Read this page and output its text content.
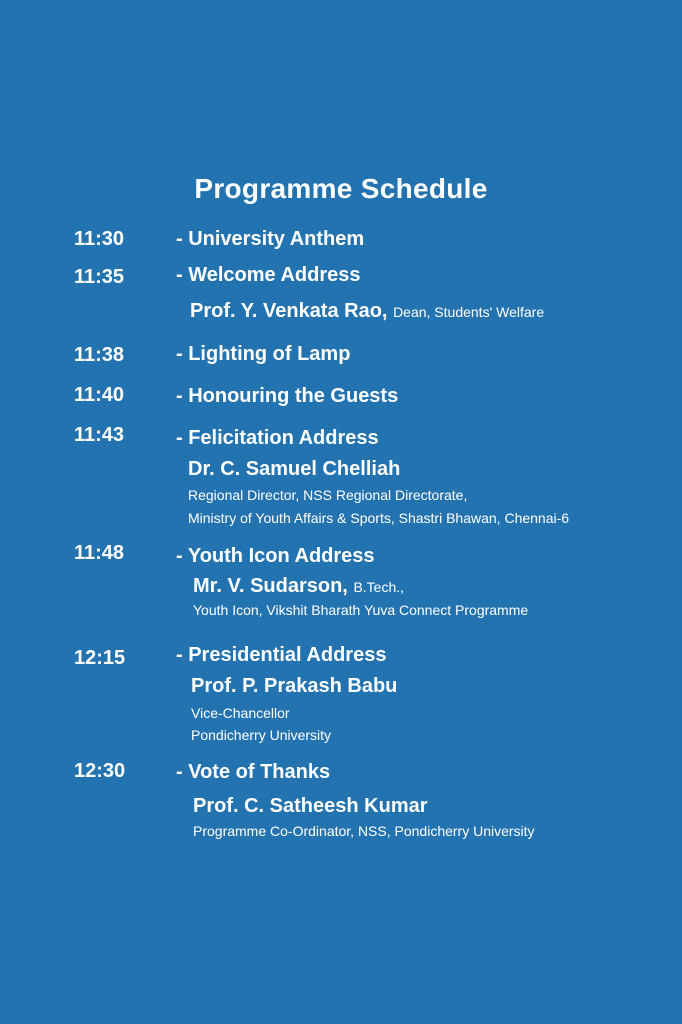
Programme Schedule
11:30	- University Anthem
11:35	- Welcome Address
Prof. Y. Venkata Rao, Dean, Students' Welfare
11:38	- Lighting of Lamp
11:40	- Honouring the Guests
11:43	- Felicitation Address
Dr. C. Samuel Chelliah
Regional Director, NSS Regional Directorate,
Ministry of Youth Affairs & Sports, Shastri Bhawan, Chennai-6
11:48	- Youth Icon Address
Mr. V. Sudarson, B.Tech.,
Youth Icon, Vikshit Bharath Yuva Connect Programme
12:15	- Presidential Address
Prof. P. Prakash Babu
Vice-Chancellor
Pondicherry University
12:30	- Vote of Thanks
Prof. C. Satheesh Kumar
Programme Co-Ordinator, NSS, Pondicherry University
